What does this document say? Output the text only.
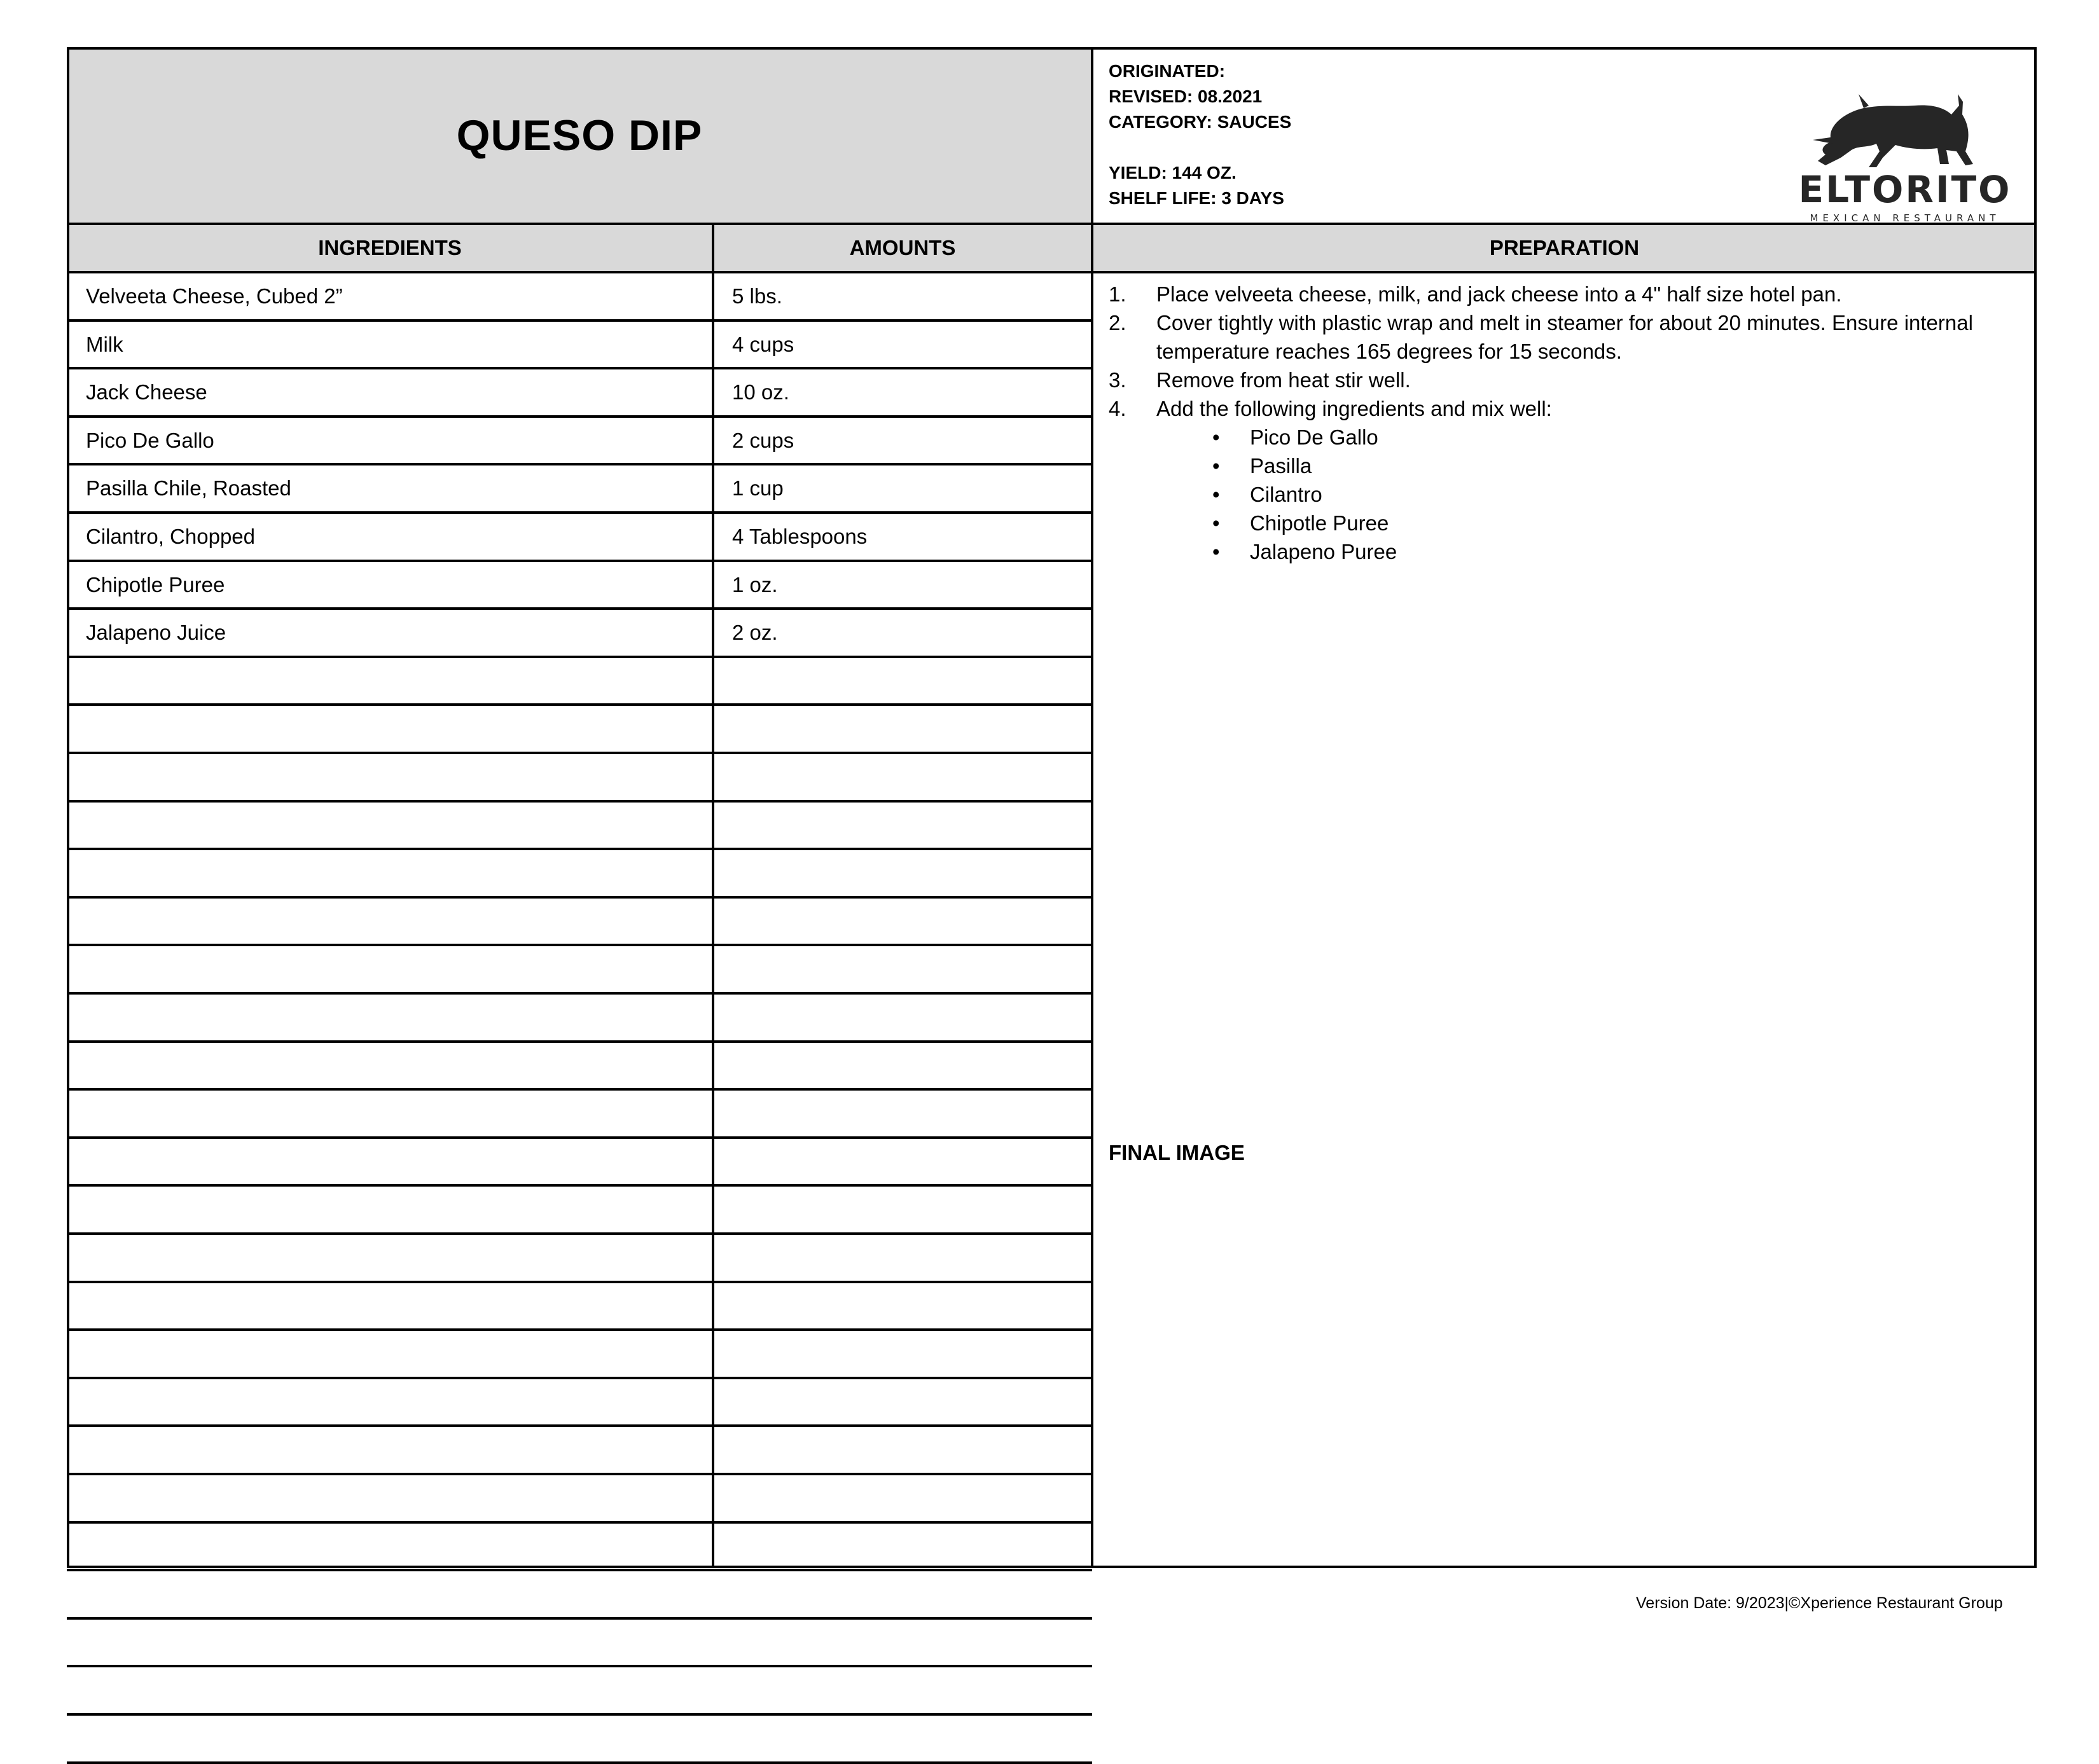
QUESO DIP
ORIGINATED:
REVISED: 08.2021
CATEGORY: SAUCES
YIELD: 144 OZ.
SHELF LIFE: 3 DAYS
INGREDIENTS	AMOUNTS	PREPARATION
Velveeta Cheese, Cubed 2”	5 lbs.
Milk	4 cups
Jack Cheese	10 oz.
Pico De Gallo	2 cups
Pasilla Chile, Roasted	1 cup
Cilantro, Chopped	4 Tablespoons
Chipotle Puree	1 oz.
Jalapeno Juice	2 oz.
1. Place velveeta cheese, milk, and jack cheese into a 4" half size hotel pan.
2. Cover tightly with plastic wrap and melt in steamer for about 20 minutes. Ensure internal temperature reaches 165 degrees for 15 seconds.
3. Remove from heat stir well.
4. Add the following ingredients and mix well:
• Pico De Gallo
• Pasilla
• Cilantro
• Chipotle Puree
• Jalapeno Puree
FINAL IMAGE
ELTORITO
MEXICAN RESTAURANT
Version Date: 9/2023|©Xperience Restaurant Group
